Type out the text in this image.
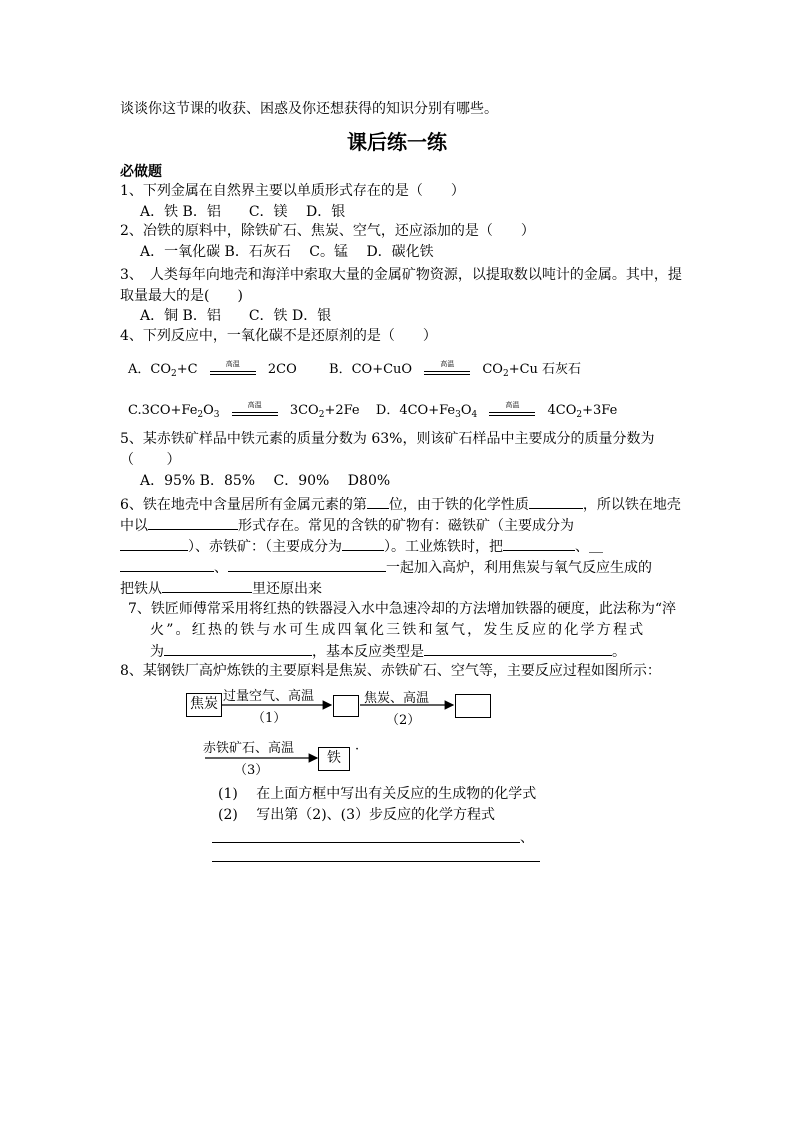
谈谈你这节课的收获、困惑及你还想获得的知识分别有哪些。
课后练一练
必做题
1、下列金属在自然界主要以单质形式存在的是（　　）
A．铁 B．铝　　C．镁　 D．银
2、冶铁的原料中，除铁矿石、焦炭、空气，还应添加的是（　　）
A．一氧化碳 B．石灰石　 C。锰　 D．碳化铁
3、　人类每年向地壳和海洋中索取大量的金属矿物资源，以提取数以吨计的金属。其中，提
取量最大的是(　　)
A．铜 B．铝　　C．铁 D．银
4、下列反应中，一氧化碳不是还原剂的是（　　）
A．$CO_2+C$	高温	2CO B．CO+CuO	高温	$CO_2+Cu$ 石灰石
$C.3CO+Fe_2O_3$
高温	$3CO_2+2Fe$ D．$4CO+Fe_3O_4$
高温	$4CO_2+3Fe$
5、某赤铁矿样品中铁元素的质量分数为 63%，则该矿石样品中主要成分的质量分数为
（　　 ）
A．95% B．85%　 C．90%　 D80%
6、铁在地壳中含量居所有金属元素的第 位，由于铁的化学性质	，所以铁在地壳
中以	形式存在。常见的含铁的矿物有：磁铁矿（主要成分为
）、赤铁矿：（主要成分为	）。工业炼铁时，把	、＿
、	一起加入高炉，利用焦炭与氧气反应生成的
把铁从	里还原出来
7、铁匠师傅常采用将红热的铁器浸入水中急速冷却的方法增加铁器的硬度，此法称为“淬
火”。红热的铁与水可生成四氧化三铁和氢气，发生反应的化学方程式
为	，基本反应类型是	。
8、某钢铁厂高炉炼铁的主要原料是焦炭、赤铁矿石、空气等，主要反应过程如图所示：
焦炭 过量空气、高温
（1）
焦炭、高温
（2）
赤铁矿石、高温
（3）
铁
·
(1)　 在上面方框中写出有关反应的生成物的化学式
(2)　 写出第（2)、(3）步反应的化学方程式
、
